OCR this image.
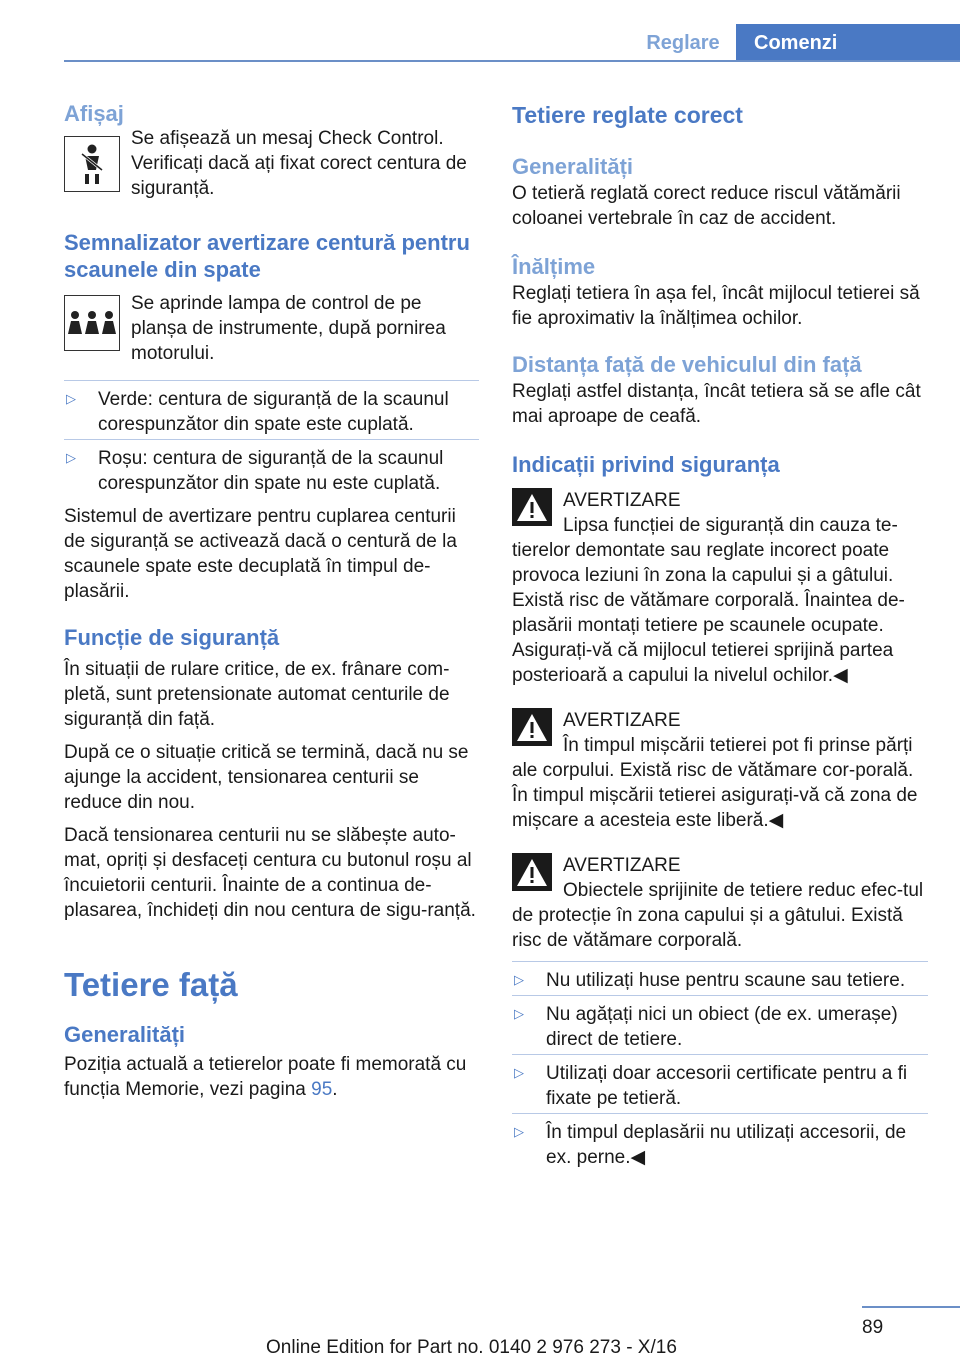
Reglare	Comenzi
Afișaj

Se afișează un mesaj Check Control. Verificați dacă ați fixat corect centura de siguranță.

Semnalizator avertizare centură pentru scaunele din spate

Se aprinde lampa de control de pe planșa de instrumente, după pornirea motorului.

▷ Verde: centura de siguranță de la scaunul corespunzător din spate este cuplată.
▷ Roșu: centura de siguranță de la scaunul corespunzător din spate nu este cuplată.

Sistemul de avertizare pentru cuplarea centurii de siguranță se activează dacă o centură de la scaunele spate este decuplată în timpul de-plasării.

Funcție de siguranță

În situații de rulare critice, de ex. frânare com-pletă, sunt pretensionate automat centurile de siguranță din față.

După ce o situație critică se termină, dacă nu se ajunge la accident, tensionarea centurii se reduce din nou.

Dacă tensionarea centurii nu se slăbește auto-mat, opriți și desfaceți centura cu butonul roșu al încuietorii centurii. Înainte de a continua de-plasarea, închideți din nou centura de sigu-ranță.

Tetiere față
Generalități

Poziția actuală a tetierelor poate fi memorată cu funcția Memorie, vezi pagina 95.

Tetiere reglate corect
Generalități

O tetieră reglată corect reduce riscul vătămării coloanei vertebrale în caz de accident.

Înălțime

Reglați tetiera în așa fel, încât mijlocul tetierei să fie aproximativ la înălțimea ochilor.

Distanța față de vehiculul din față

Reglați astfel distanța, încât tetiera să se afle cât mai aproape de ceafă.

Indicații privind siguranța

AVERTIZARE

Lipsa funcției de siguranță din cauza te-tierelor demontate sau reglate incorect poate provoca leziuni în zona la capului și a gâtului. Există risc de vătămare corporală. Înaintea de-plasării montați tetiere pe scaunele ocupate. Asigurați-vă că mijlocul tetierei sprijină partea posterioară a capului la nivelul ochilor.◀

AVERTIZARE

În timpul mișcării tetierei pot fi prinse părți ale corpului. Există risc de vătămare cor-porală. În timpul mișcării tetierei asigurați-vă că zona de mișcare a acesteia este liberă.◀

AVERTIZARE

Obiectele sprijinite de tetiere reduc efec-tul de protecție în zona capului și a gâtului. Există risc de vătămare corporală.

▷ Nu utilizați huse pentru scaune sau tetiere.
▷ Nu agățați nici un obiect (de ex. umerașe) direct de tetiere.
▷ Utilizați doar accesorii certificate pentru a fi fixate pe tetieră.
▷ În timpul deplasării nu utilizați accesorii, de ex. perne.◀
89
Online Edition for Part no. 0140 2 976 273 - X/16
